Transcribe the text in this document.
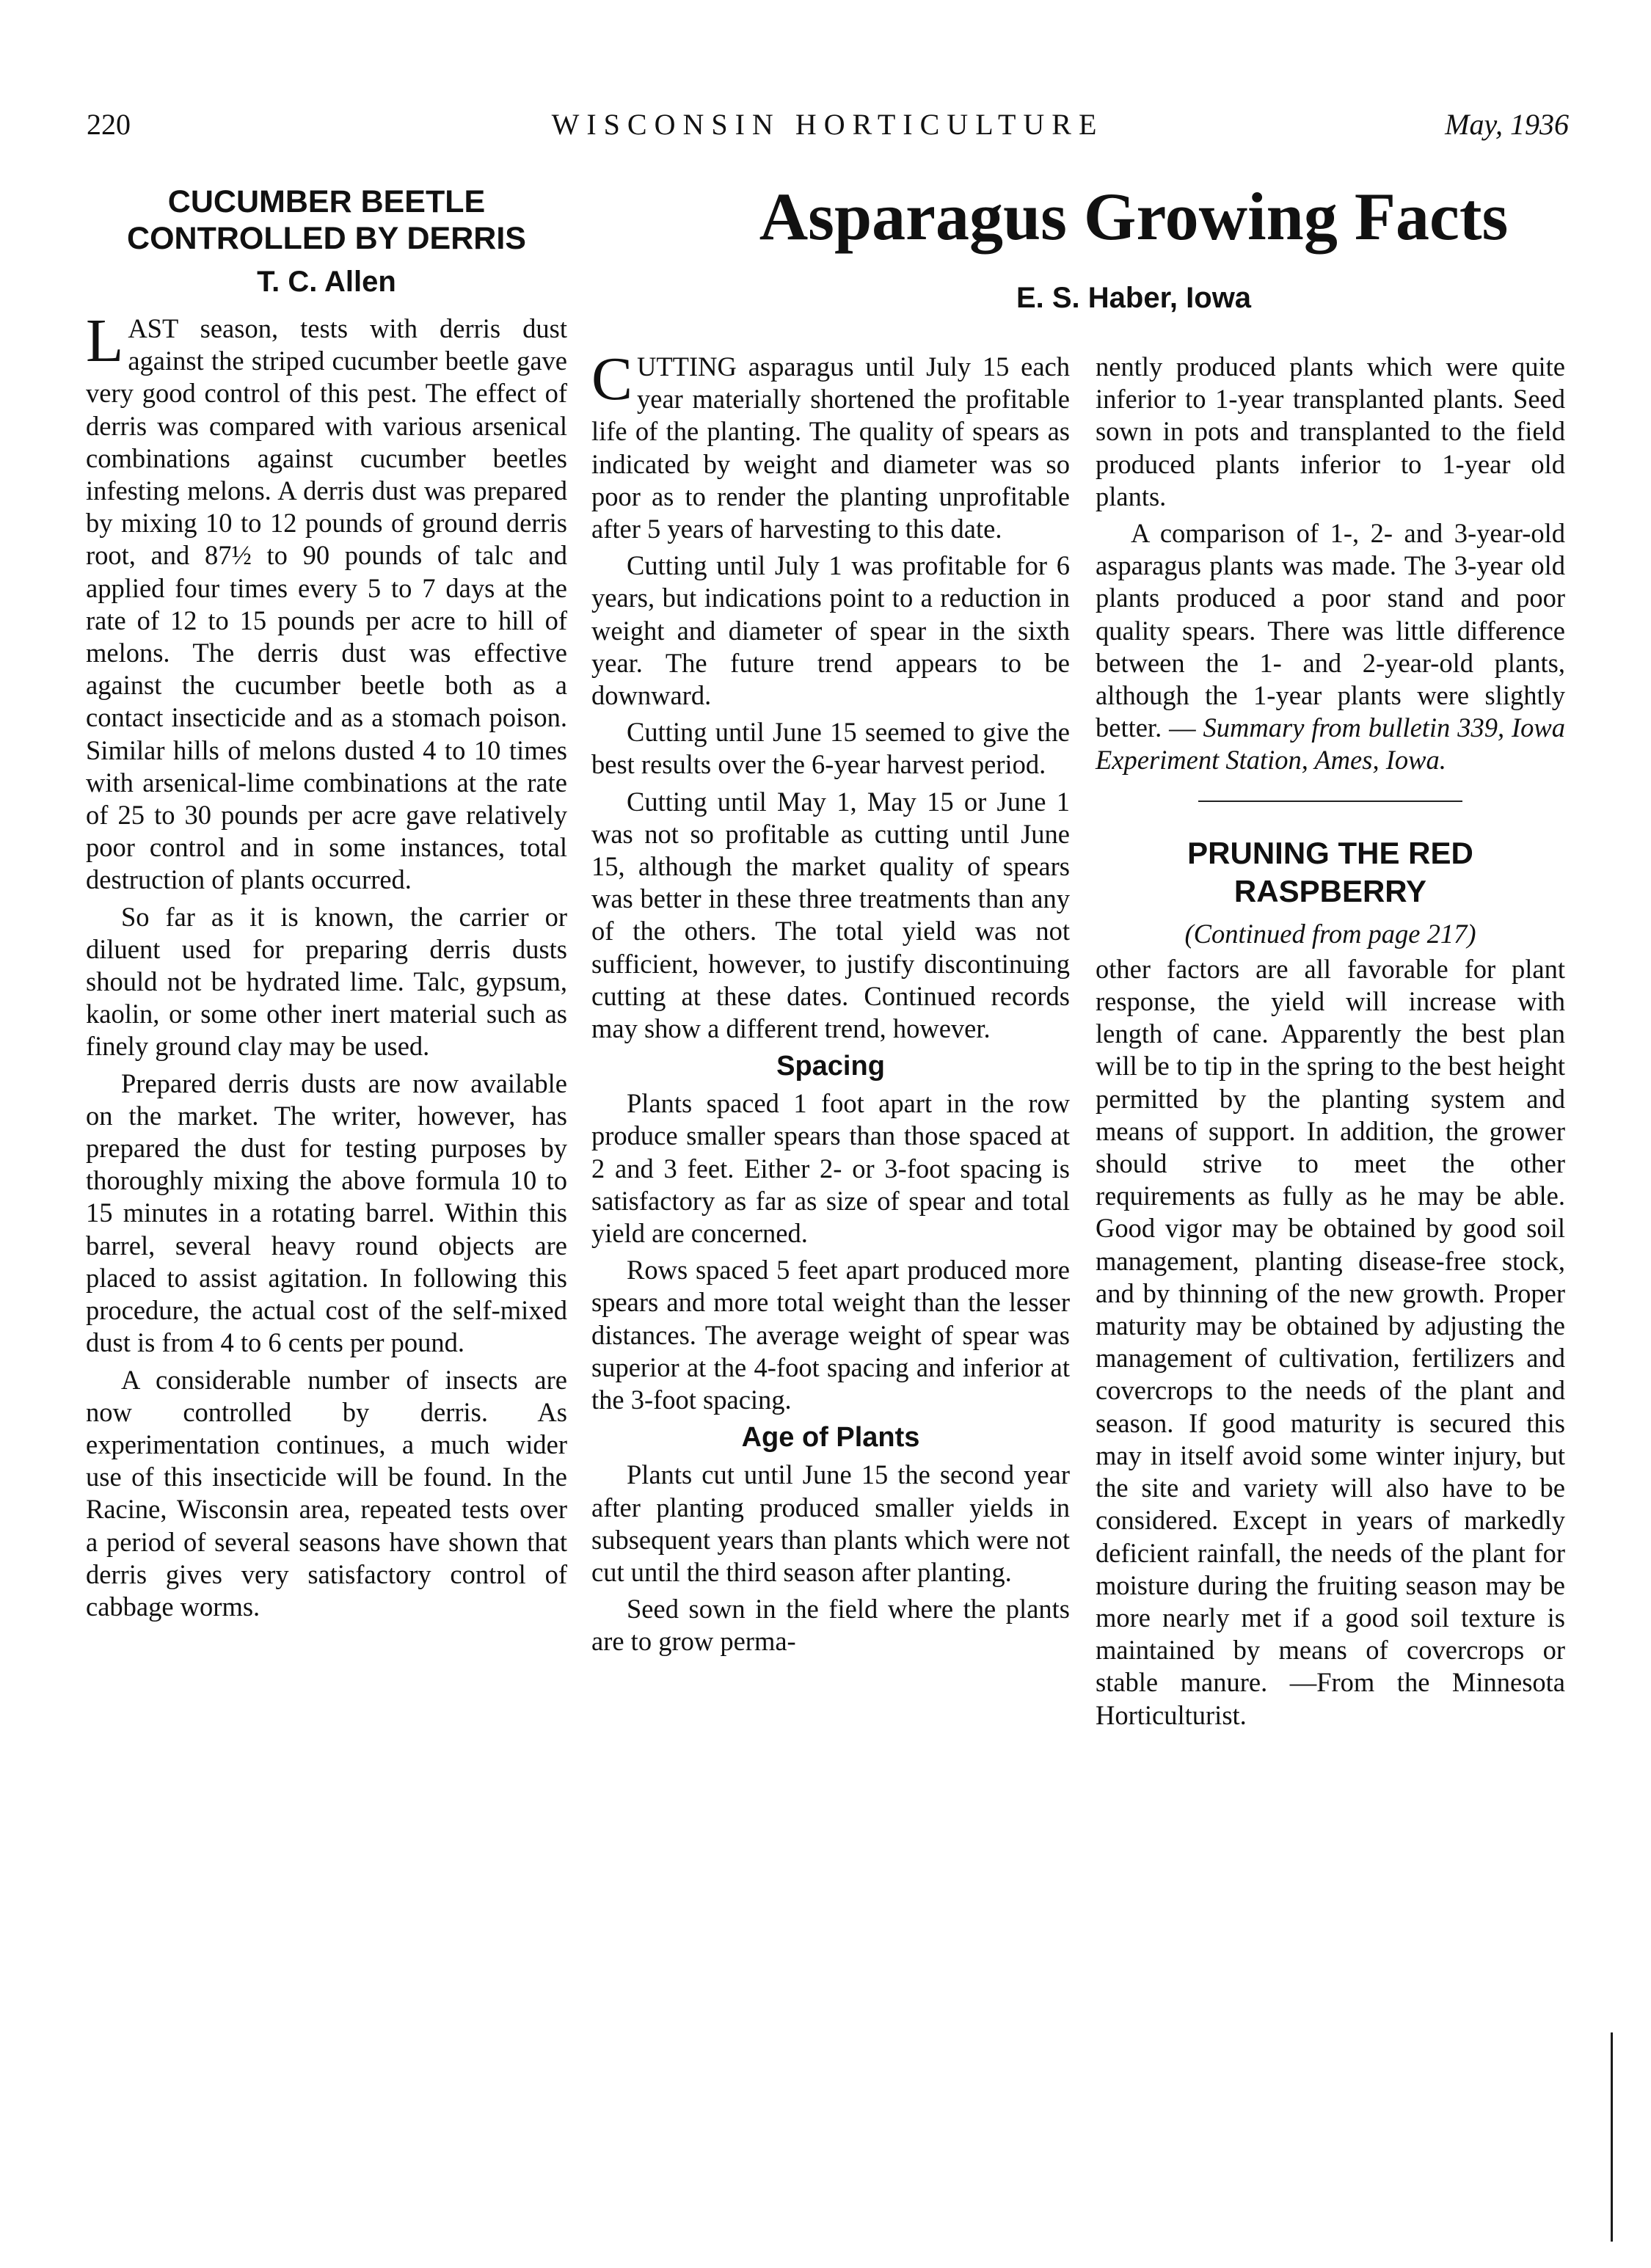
220	WISCONSIN HORTICULTURE	May, 1936
CUCUMBER BEETLE CONTROLLED BY DERRIS
T. C. Allen

LAST season, tests with derris dust against the striped cucumber beetle gave very good control of this pest. The effect of derris was compared with various arsenical combinations against cucumber beetles infesting melons. A derris dust was prepared by mixing 10 to 12 pounds of ground derris root, and 87½ to 90 pounds of talc and applied four times every 5 to 7 days at the rate of 12 to 15 pounds per acre to hill of melons. The derris dust was effective against the cucumber beetle both as a contact insecticide and as a stomach poison. Similar hills of melons dusted 4 to 10 times with arsenical-lime combinations at the rate of 25 to 30 pounds per acre gave relatively poor control and in some instances, total destruction of plants occurred.

So far as it is known, the carrier or diluent used for preparing derris dusts should not be hydrated lime. Talc, gypsum, kaolin, or some other inert material such as finely ground clay may be used.

Prepared derris dusts are now available on the market. The writer, however, has prepared the dust for testing purposes by thoroughly mixing the above formula 10 to 15 minutes in a rotating barrel. Within this barrel, several heavy round objects are placed to assist agitation. In following this procedure, the actual cost of the self-mixed dust is from 4 to 6 cents per pound.

A considerable number of insects are now controlled by derris. As experimentation continues, a much wider use of this insecticide will be found. In the Racine, Wisconsin area, repeated tests over a period of several seasons have shown that derris gives very satisfactory control of cabbage worms.

Asparagus Growing Facts
E. S. Haber, Iowa

CUTTING asparagus until July 15 each year materially shortened the profitable life of the planting. The quality of spears as indicated by weight and diameter was so poor as to render the planting unprofitable after 5 years of harvesting to this date.

Cutting until July 1 was profitable for 6 years, but indications point to a reduction in weight and diameter of spear in the sixth year. The future trend appears to be downward.

Cutting until June 15 seemed to give the best results over the 6-year harvest period.

Cutting until May 1, May 15 or June 1 was not so profitable as cutting until June 15, although the market quality of spears was better in these three treatments than any of the others. The total yield was not sufficient, however, to justify discontinuing cutting at these dates. Continued records may show a different trend, however.

Spacing

Plants spaced 1 foot apart in the row produce smaller spears than those spaced at 2 and 3 feet. Either 2- or 3-foot spacing is satisfactory as far as size of spear and total yield are concerned.

Rows spaced 5 feet apart produced more spears and more total weight than the lesser distances. The average weight of spear was superior at the 4-foot spacing and inferior at the 3-foot spacing.

Age of Plants

Plants cut until June 15 the second year after planting produced smaller yields in subsequent years than plants which were not cut until the third season after planting.

Seed sown in the field where the plants are to grow perma-

nently produced plants which were quite inferior to 1-year transplanted plants. Seed sown in pots and transplanted to the field produced plants inferior to 1-year old plants.

A comparison of 1-, 2- and 3-year-old asparagus plants was made. The 3-year old plants produced a poor stand and poor quality spears. There was little difference between the 1- and 2-year-old plants, although the 1-year plants were slightly better. — Summary from bulletin 339, Iowa Experiment Station, Ames, Iowa.

PRUNING THE RED RASPBERRY
(Continued from page 217)

other factors are all favorable for plant response, the yield will increase with length of cane. Apparently the best plan will be to tip in the spring to the best height permitted by the planting system and means of support. In addition, the grower should strive to meet the other requirements as fully as he may be able. Good vigor may be obtained by good soil management, planting disease-free stock, and by thinning of the new growth. Proper maturity may be obtained by adjusting the management of cultivation, fertilizers and covercrops to the needs of the plant and season. If good maturity is secured this may in itself avoid some winter injury, but the site and variety will also have to be considered. Except in years of markedly deficient rainfall, the needs of the plant for moisture during the fruiting season may be more nearly met if a good soil texture is maintained by means of covercrops or stable manure. —From the Minnesota Horticulturist.
